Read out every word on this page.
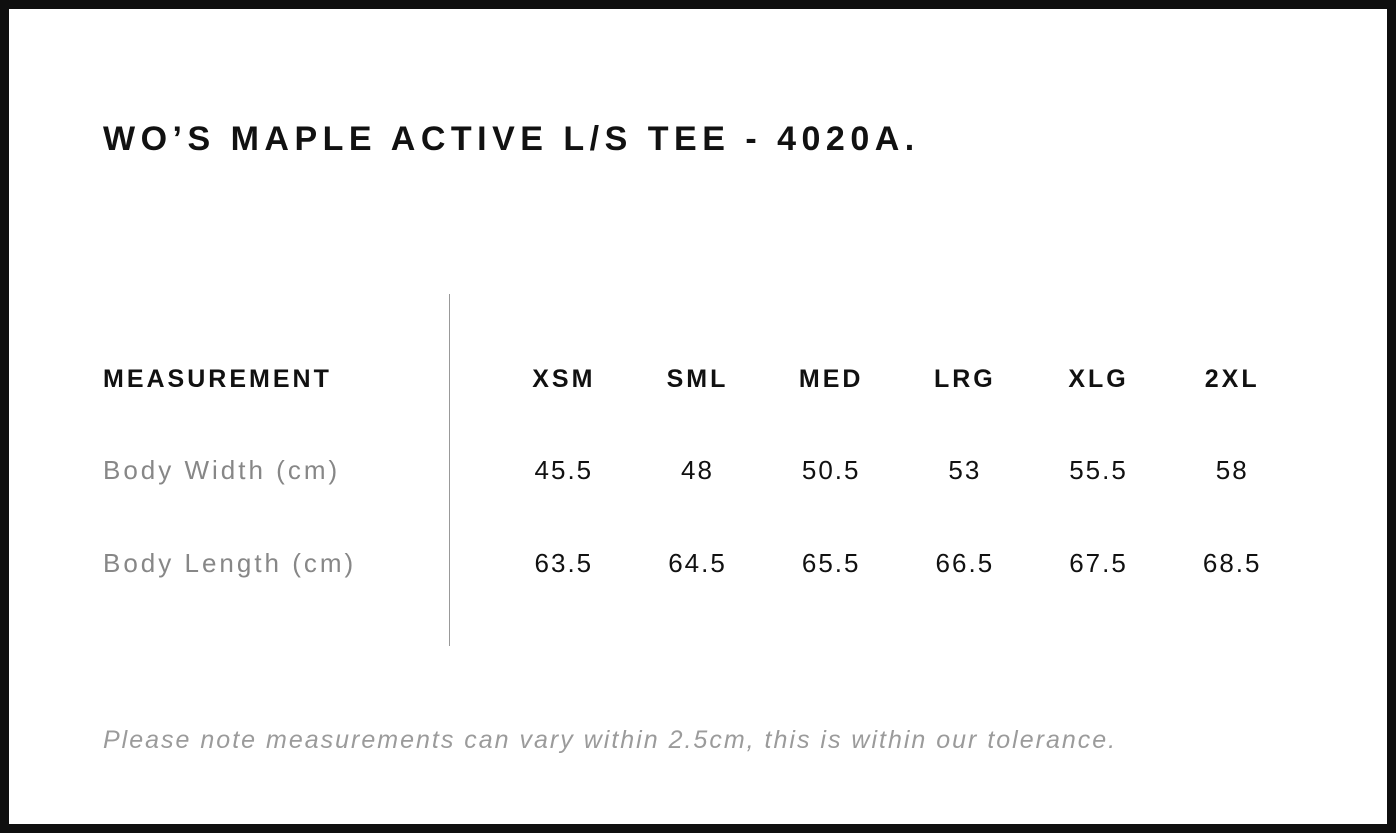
WO’S MAPLE ACTIVE L/S TEE - 4020A.
MEASUREMENT	XSM	SML	MED	LRG	XLG	2XL
Body Width (cm)	45.5	48	50.5	53	55.5	58
Body Length (cm)	63.5	64.5	65.5	66.5	67.5	68.5

Please note measurements can vary within 2.5cm, this is within our tolerance.
